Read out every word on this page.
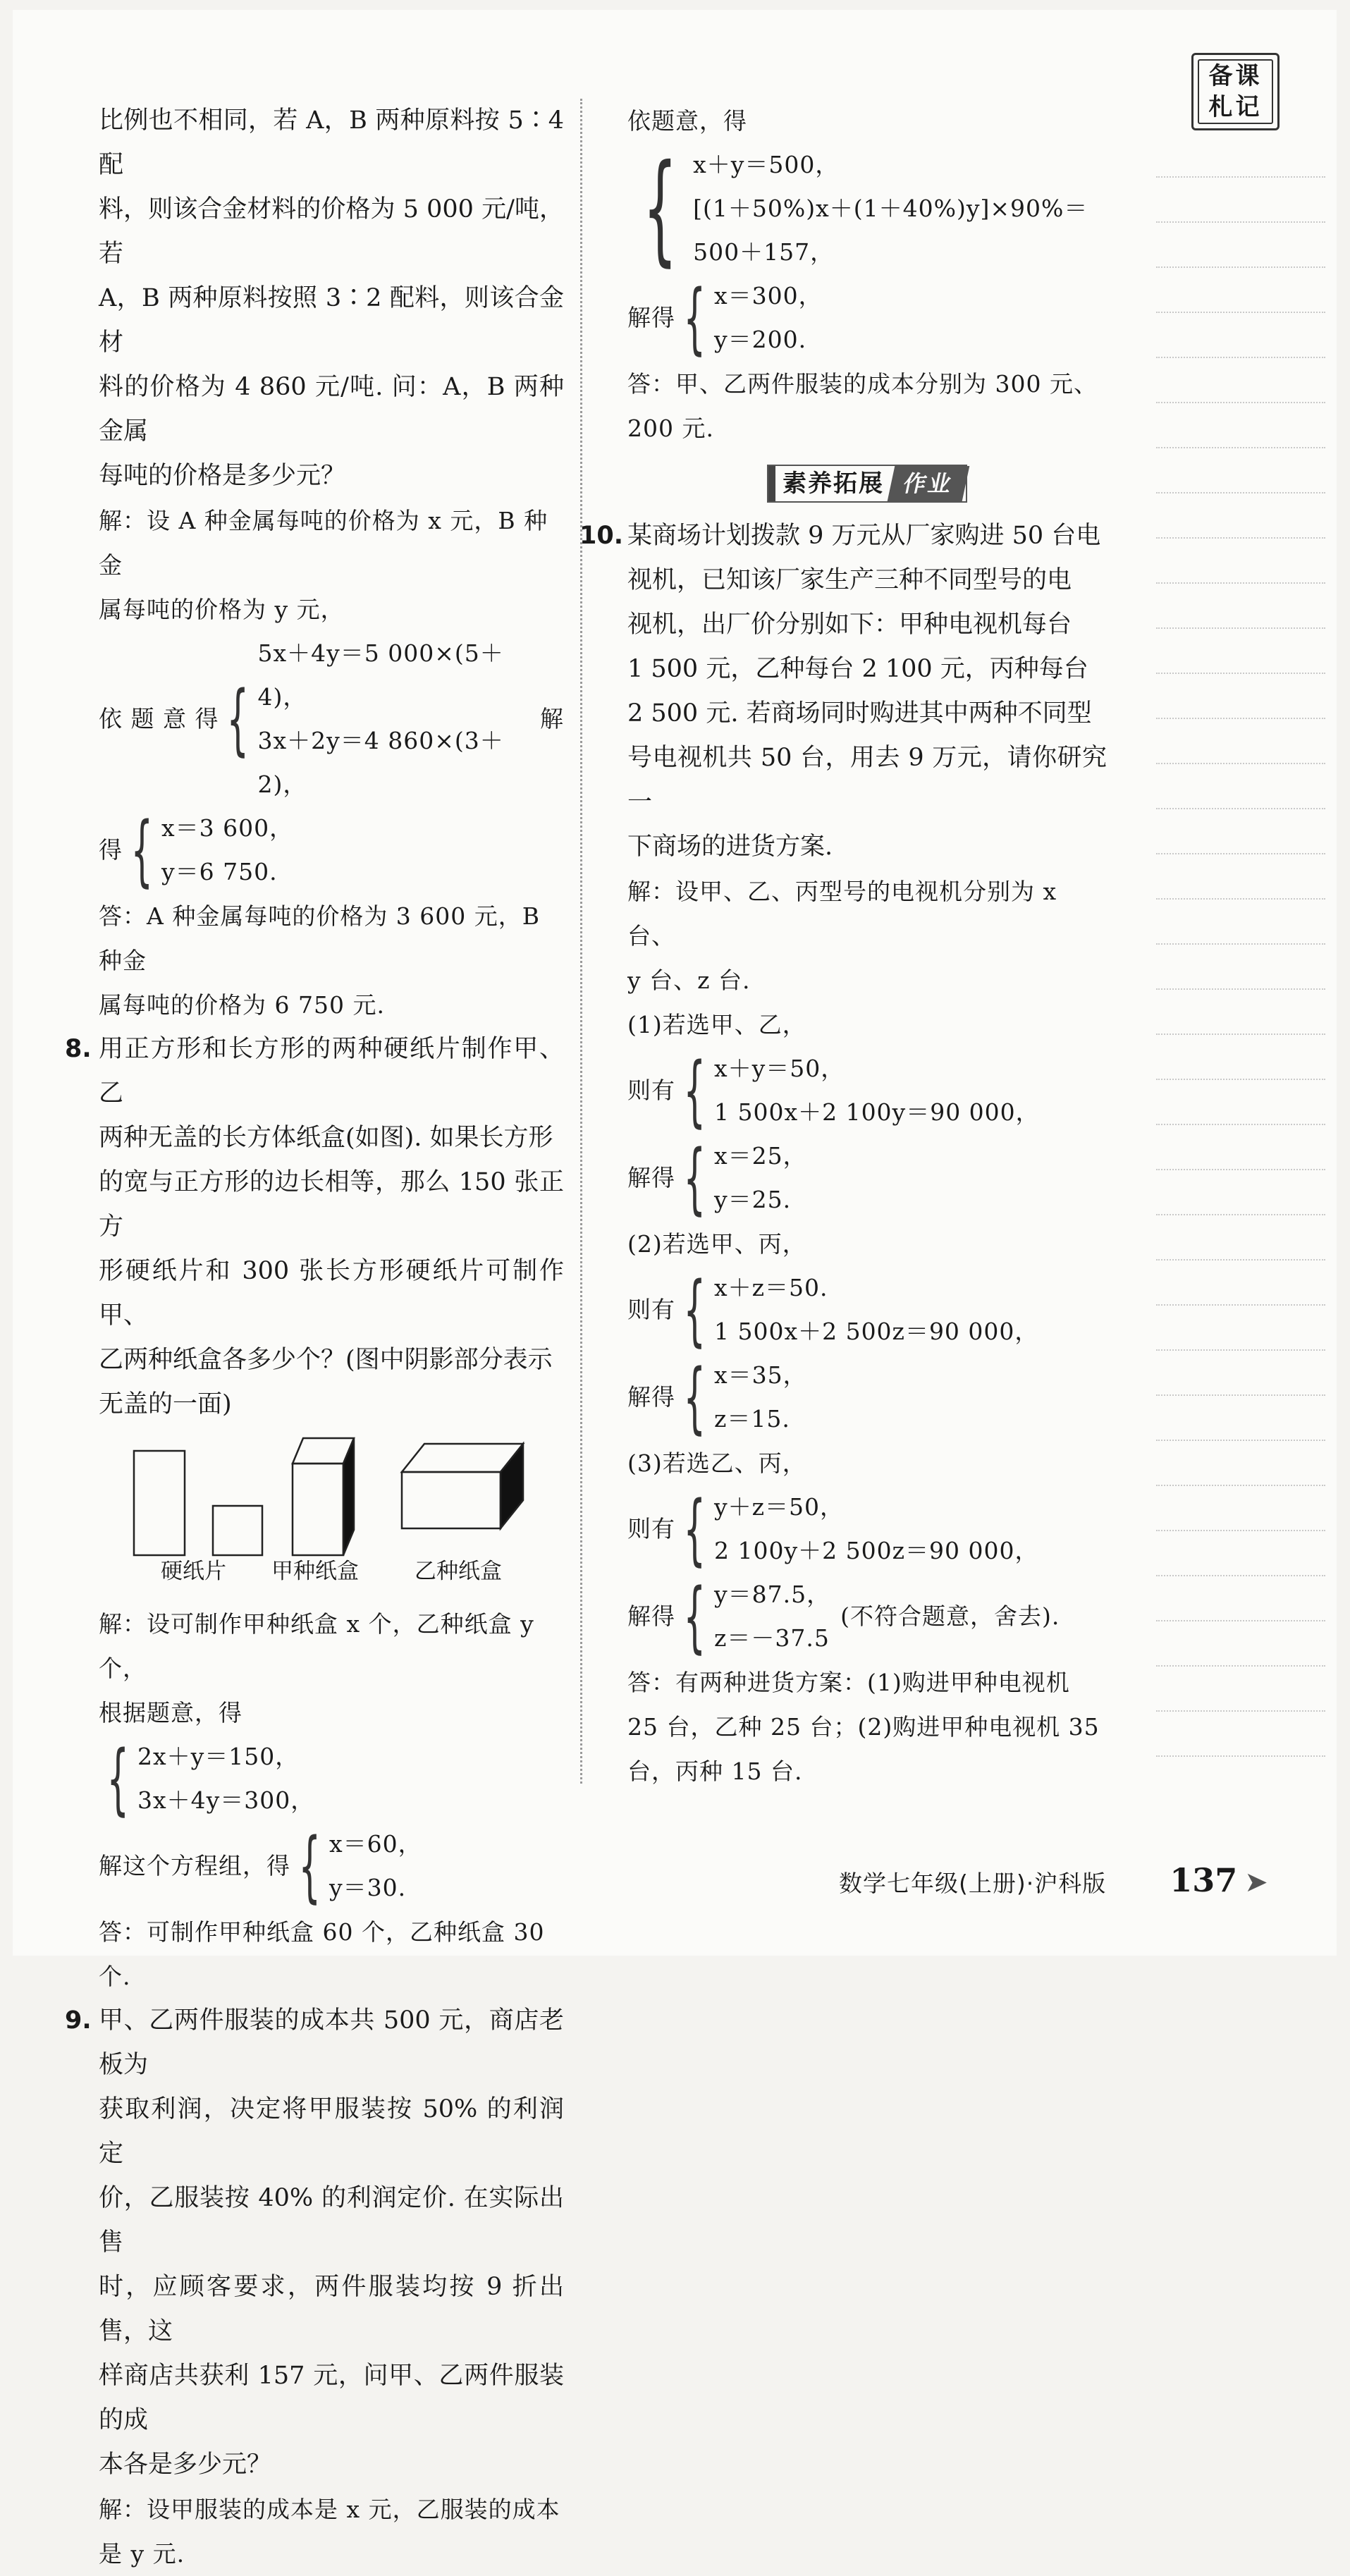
备课
札记
比例也不相同，若 A，B 两种原料按 5∶4 配
料，则该合金材料的价格为 5 000 元/吨，若
A，B 两种原料按照 3∶2 配料，则该合金材
料的价格为 4 860 元/吨. 问：A，B 两种金属
每吨的价格是多少元？
解：设 A 种金属每吨的价格为 x 元，B 种金
属每吨的价格为 y 元，
依 题 意 得 {
5x＋4y＝5 000×(5＋4)，
3x＋2y＝4 860×(3＋2)，
解
得 { x＝3 600，
y＝6 750.
答：A 种金属每吨的价格为 3 600 元，B 种金
属每吨的价格为 6 750 元.
8. 用正方形和长方形的两种硬纸片制作甲、乙
两种无盖的长方体纸盒(如图). 如果长方形
的宽与正方形的边长相等，那么 150 张正方
形硬纸片和 300 张长方形硬纸片可制作甲、
乙两种纸盒各多少个？(图中阴影部分表示
无盖的一面)
硬纸片 甲种纸盒	乙种纸盒
解：设可制作甲种纸盒 x 个，乙种纸盒 y 个，
根据题意，得
{ 2x＋y＝150，
3x＋4y＝300，
解这个方程组，得 { x＝60，
y＝30.
答：可制作甲种纸盒 60 个，乙种纸盒 30 个.
9. 甲、乙两件服装的成本共 500 元，商店老板为
获取利润，决定将甲服装按 50% 的利润定
价，乙服装按 40% 的利润定价. 在实际出售
时，应顾客要求，两件服装均按 9 折出售，这
样商店共获利 157 元，问甲、乙两件服装的成
本各是多少元？
解：设甲服装的成本是 x 元，乙服装的成本
是 y 元.
依题意，得
{ x＋y＝500，
[(1＋50%)x＋(1＋40%)y]×90%＝
500＋157，
解得 { x＝300，
y＝200.
答：甲、乙两件服装的成本分别为 300 元、
200 元.
素养拓展 作业
10. 某商场计划拨款 9 万元从厂家购进 50 台电
视机，已知该厂家生产三种不同型号的电
视机，出厂价分别如下：甲种电视机每台
1 500 元，乙种每台 2 100 元，丙种每台
2 500 元. 若商场同时购进其中两种不同型
号电视机共 50 台，用去 9 万元，请你研究一
下商场的进货方案.
解：设甲、乙、丙型号的电视机分别为 x 台、
y 台、z 台.
(1)若选甲、乙，
则有 { x＋y＝50，
1 500x＋2 100y＝90 000，
解得 { x＝25，
y＝25.
(2)若选甲、丙，
则有 { x＋z＝50.
1 500x＋2 500z＝90 000，
解得 { x＝35，
z＝15.
(3)若选乙、丙，
则有 { y＋z＝50，
2 100y＋2 500z＝90 000，
解得 { y＝87.5，
z＝－37.5
(不符合题意，舍去).
答：有两种进货方案：(1)购进甲种电视机
25 台，乙种 25 台；(2)购进甲种电视机 35
台，丙种 15 台.
数学七年级(上册)·沪科版 137 ➤
